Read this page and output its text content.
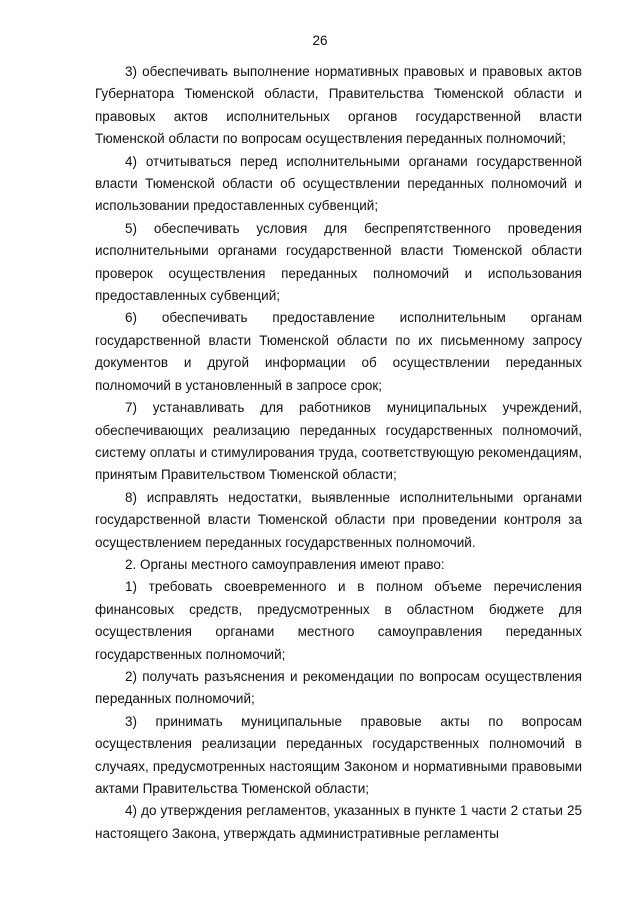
26

3) обеспечивать выполнение нормативных правовых и правовых актов Губернатора Тюменской области, Правительства Тюменской области и правовых актов исполнительных органов государственной власти Тюменской области по вопросам осуществления переданных полномочий;

4) отчитываться перед исполнительными органами государственной власти Тюменской области об осуществлении переданных полномочий и использовании предоставленных субвенций;

5) обеспечивать условия для беспрепятственного проведения исполнительными органами государственной власти Тюменской области проверок осуществления переданных полномочий и использования предоставленных субвенций;

6) обеспечивать предоставление исполнительным органам государственной власти Тюменской области по их письменному запросу документов и другой информации об осуществлении переданных полномочий в установленный в запросе срок;

7) устанавливать для работников муниципальных учреждений, обеспечивающих реализацию переданных государственных полномочий, систему оплаты и стимулирования труда, соответствующую рекомендациям, принятым Правительством Тюменской области;

8) исправлять недостатки, выявленные исполнительными органами государственной власти Тюменской области при проведении контроля за осуществлением переданных государственных полномочий.

2. Органы местного самоуправления имеют право:

1) требовать своевременного и в полном объеме перечисления финансовых средств, предусмотренных в областном бюджете для осуществления органами местного самоуправления переданных государственных полномочий;

2) получать разъяснения и рекомендации по вопросам осуществления переданных полномочий;

3) принимать муниципальные правовые акты по вопросам осуществления реализации переданных государственных полномочий в случаях, предусмотренных настоящим Законом и нормативными правовыми актами Правительства Тюменской области;

4) до утверждения регламентов, указанных в пункте 1 части 2 статьи 25 настоящего Закона, утверждать административные регламенты
